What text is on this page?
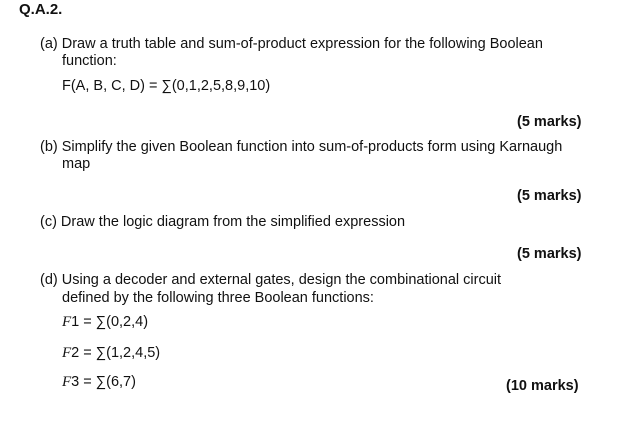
Q.A.2.
(a) Draw a truth table and sum-of-product expression for the following Boolean
function:
F(A, B, C, D) = ∑(0,1,2,5,8,9,10)
(5 marks)
(b) Simplify the given Boolean function into sum-of-products form using Karnaugh
map
(5 marks)
(c) Draw the logic diagram from the simplified expression
(5 marks)
(d) Using a decoder and external gates, design the combinational circuit
defined by the following three Boolean functions:
F1 = ∑(0,2,4)
F2 = ∑(1,2,4,5)
F3 = ∑(6,7)	(10 marks)
